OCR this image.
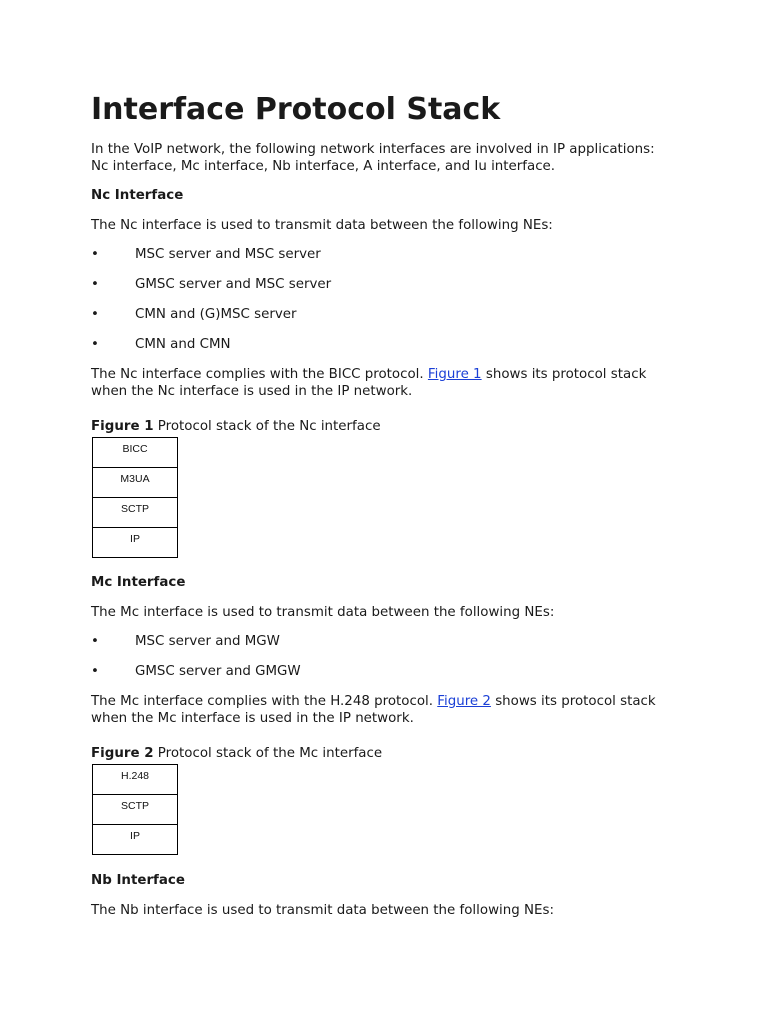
Interface Protocol Stack
In the VoIP network, the following network interfaces are involved in IP applications:
Nc interface, Mc interface, Nb interface, A interface, and Iu interface.
Nc Interface
The Nc interface is used to transmit data between the following NEs:
•	MSC server and MSC server
•	GMSC server and MSC server
•	CMN and (G)MSC server
•	CMN and CMN
The Nc interface complies with the BICC protocol. Figure 1 shows its protocol stack
when the Nc interface is used in the IP network.
Figure 1 Protocol stack of the Nc interface
BICC
M3UA
SCTP
IP
Mc Interface
The Mc interface is used to transmit data between the following NEs:
•	MSC server and MGW
•	GMSC server and GMGW
The Mc interface complies with the H.248 protocol. Figure 2 shows its protocol stack
when the Mc interface is used in the IP network.
Figure 2 Protocol stack of the Mc interface
H.248
SCTP
IP
Nb Interface
The Nb interface is used to transmit data between the following NEs:
